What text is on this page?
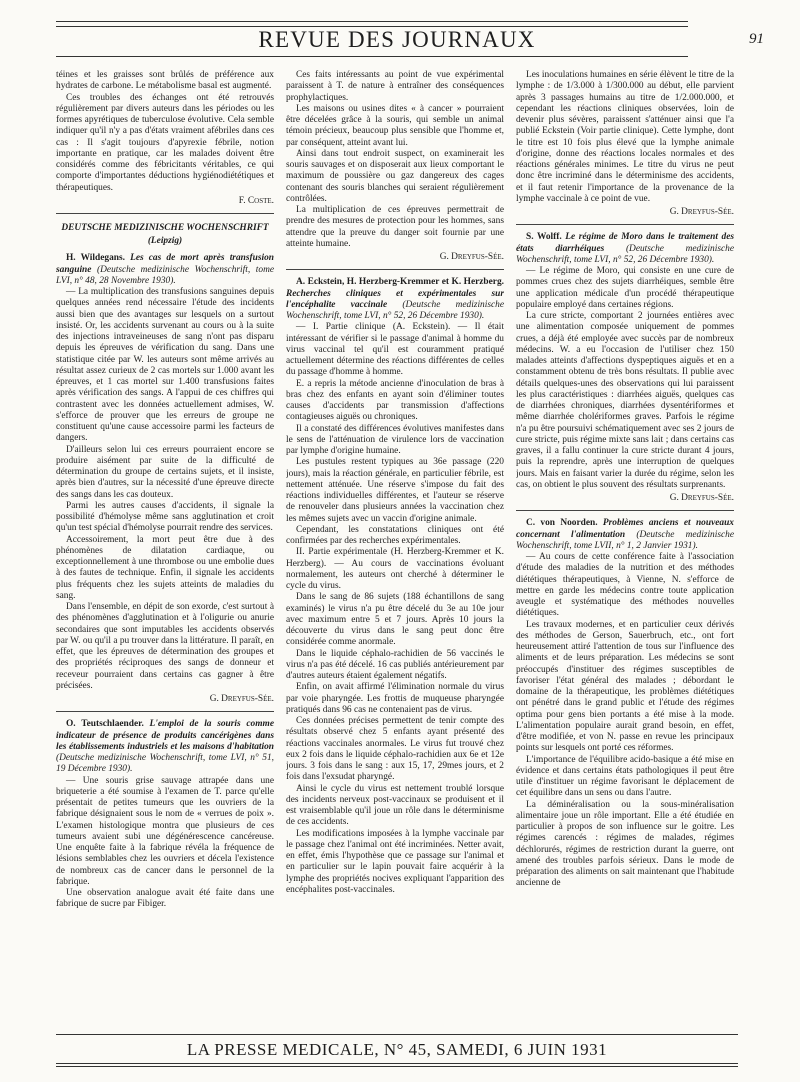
REVUE DES JOURNAUX	91

téines et les graisses sont brûlés de préférence aux hydrates de carbone. Le métabolisme basal est augmenté.

Ces troubles des échanges ont été retrouvés régulièrement par divers auteurs dans les périodes ou les formes apyrétiques de tuberculose évolutive. Cela semble indiquer qu'il n'y a pas d'états vraiment afébriles dans ces cas : Il s'agit toujours d'apyrexie fébrile, notion importante en pratique, car les malades doivent être considérés comme des fébricitants véritables, ce qui comporte d'importantes déductions hygiénodiététiques et thérapeutiques.

F. Coste.
DEUTSCHE MEDIZINISCHE WOCHENSCHRIFT
(Leipzig)

H. Wildegans. Les cas de mort après transfusion sanguine (Deutsche medizinische Wochenschrift, tome LVI, n° 48, 28 Novembre 1930).

— La multiplication des transfusions sanguines depuis quelques années rend nécessaire l'étude des incidents aussi bien que des avantages sur lesquels on a surtout insisté. Or, les accidents survenant au cours ou à la suite des injections intraveineuses de sang n'ont pas disparu depuis les épreuves de vérification du sang. Dans une statistique citée par W. les auteurs sont même arrivés au résultat assez curieux de 2 cas mortels sur 1.000 avant les épreuves, et 1 cas mortel sur 1.400 transfusions faites après vérification des sangs. A l'appui de ces chiffres qui contrastent avec les données actuellement admises, W. s'efforce de prouver que les erreurs de groupe ne constituent qu'une cause accessoire parmi les facteurs de dangers.

D'ailleurs selon lui ces erreurs pourraient encore se produire aisément par suite de la difficulté de détermination du groupe de certains sujets, et il insiste, après bien d'autres, sur la nécessité d'une épreuve directe des sangs dans les cas douteux.

Parmi les autres causes d'accidents, il signale la possibilité d'hémolyse même sans agglutination et croit qu'un test spécial d'hémolyse pourrait rendre des services.

Accessoirement, la mort peut être due à des phénomènes de dilatation cardiaque, ou exceptionnellement à une thrombose ou une embolie dues à des fautes de technique. Enfin, il signale les accidents plus fréquents chez les sujets atteints de maladies du sang.

Dans l'ensemble, en dépit de son exorde, c'est surtout à des phénomènes d'agglutination et à l'oligurie ou anurie secondaires que sont imputables les accidents observés par W. ou qu'il a pu trouver dans la littérature. Il paraît, en effet, que les épreuves de détermination des groupes et des propriétés réciproques des sangs de donneur et receveur pourraient dans certains cas gagner à être précisées.

G. Dreyfus-Sée.

O. Teutschlaender. L'emploi de la souris comme indicateur de présence de produits cancérigènes dans les établissements industriels et les maisons d'habitation (Deutsche medizinische Wochenschrift, tome LVI, n° 51, 19 Décembre 1930).

— Une souris grise sauvage attrapée dans une briqueterie a été soumise à l'examen de T. parce qu'elle présentait de petites tumeurs que les ouvriers de la fabrique désignaient sous le nom de « verrues de poix ». L'examen histologique montra que plusieurs de ces tumeurs avaient subi une dégénérescence cancéreuse. Une enquête faite à la fabrique révéla la fréquence de lésions semblables chez les ouvriers et décela l'existence de nombreux cas de cancer dans le personnel de la fabrique.

Une observation analogue avait été faite dans une fabrique de sucre par Fibiger.

Ces faits intéressants au point de vue expérimental paraissent à T. de nature à entraîner des conséquences prophylactiques.

Les maisons ou usines dites « à cancer » pourraient être décelées grâce à la souris, qui semble un animal témoin précieux, beaucoup plus sensible que l'homme et, par conséquent, atteint avant lui.

Ainsi dans tout endroit suspect, on examinerait les souris sauvages et on disposerait aux lieux comportant le maximum de poussière ou gaz dangereux des cages contenant des souris blanches qui seraient régulièrement contrôlées.

La multiplication de ces épreuves permettrait de prendre des mesures de protection pour les hommes, sans attendre que la preuve du danger soit fournie par une atteinte humaine.

G. Dreyfus-Sée.

A. Eckstein, H. Herzberg-Kremmer et K. Herzberg. Recherches cliniques et expérimentales sur l'encéphalite vaccinale (Deutsche medizinische Wochenschrift, tome LVI, n° 52, 26 Décembre 1930).

— I. Partie clinique (A. Eckstein). — Il était intéressant de vérifier si le passage d'animal à homme du virus vaccinal tel qu'il est couramment pratiqué actuellement détermine des réactions différentes de celles du passage d'homme à homme.

E. a repris la métode ancienne d'inoculation de bras à bras chez des enfants en ayant soin d'éliminer toutes causes d'accidents par transmission d'affections contagieuses aiguës ou chroniques.

Il a constaté des différences évolutives manifestes dans le sens de l'atténuation de virulence lors de vaccination par lymphe d'origine humaine.

Les pustules restent typiques au 36e passage (220 jours), mais la réaction générale, en particulier fébrile, est nettement atténuée. Une réserve s'impose du fait des réactions individuelles différentes, et l'auteur se réserve de renouveler dans plusieurs années la vaccination chez les mêmes sujets avec un vaccin d'origine animale.

Cependant, les constatations cliniques ont été confirmées par des recherches expérimentales.

II. Partie expérimentale (H. Herzberg-Kremmer et K. Herzberg). — Au cours de vaccinations évoluant normalement, les auteurs ont cherché à déterminer le cycle du virus.

Dans le sang de 86 sujets (188 échantillons de sang examinés) le virus n'a pu être décelé du 3e au 10e jour avec maximum entre 5 et 7 jours. Après 10 jours la découverte du virus dans le sang peut donc être considérée comme anormale.

Dans le liquide céphalo-rachidien de 56 vaccinés le virus n'a pas été décelé. 16 cas publiés antérieurement par d'autres auteurs étaient également négatifs.

Enfin, on avait affirmé l'élimination normale du virus par voie pharyngée. Les frottis de muqueuse pharyngée pratiqués dans 96 cas ne contenaient pas de virus.

Ces données précises permettent de tenir compte des résultats observé chez 5 enfants ayant présenté des réactions vaccinales anormales. Le virus fut trouvé chez eux 2 fois dans le liquide céphalo-rachidien aux 6e et 12e jours. 3 fois dans le sang : aux 15, 17, 29mes jours, et 2 fois dans l'exsudat pharyngé.

Ainsi le cycle du virus est nettement troublé lorsque des incidents nerveux post-vaccinaux se produisent et il est vraisemblable qu'il joue un rôle dans le déterminisme de ces accidents.

Les modifications imposées à la lymphe vaccinale par le passage chez l'animal ont été incriminées. Netter avait, en effet, émis l'hypothèse que ce passage sur l'animal et en particulier sur le lapin pouvait faire acquérir à la lymphe des propriétés nocives expliquant l'apparition des encéphalites post-vaccinales.

Les inoculations humaines en série élèvent le titre de la lymphe : de 1/3.000 à 1/300.000 au début, elle parvient après 3 passages humains au titre de 1/2.000.000, et cependant les réactions cliniques observées, loin de devenir plus sévères, paraissent s'atténuer ainsi que l'a publié Eckstein (Voir partie clinique). Cette lymphe, dont le titre est 10 fois plus élevé que la lymphe animale d'origine, donne des réactions locales normales et des réactions générales minimes. Le titre du virus ne peut donc être incriminé dans le déterminisme des accidents, et il faut retenir l'importance de la provenance de la lymphe vaccinale à ce point de vue.

G. Dreyfus-Sée.

S. Wolff. Le régime de Moro dans le traitement des états diarrhéiques (Deutsche medizinische Wochenschrift, tome LVI, n° 52, 26 Décembre 1930).

— Le régime de Moro, qui consiste en une cure de pommes crues chez des sujets diarrhéiques, semble être une application médicale d'un procédé thérapeutique populaire employé dans certaines régions.

La cure stricte, comportant 2 journées entières avec une alimentation composée uniquement de pommes crues, a déjà été employée avec succès par de nombreux médecins. W. a eu l'occasion de l'utiliser chez 150 malades atteints d'affections dyspeptiques aiguës et en a constamment obtenu de très bons résultats. Il publie avec détails quelques-unes des observations qui lui paraissent les plus caractéristiques : diarrhées aiguës, quelques cas de diarrhées chroniques, diarrhées dysentériformes et même diarrhée cholériformes graves. Parfois le régime n'a pu être poursuivi schématiquement avec ses 2 jours de cure stricte, puis régime mixte sans lait ; dans certains cas graves, il a fallu continuer la cure stricte durant 4 jours, puis la reprendre, après une interruption de quelques jours. Mais en faisant varier la durée du régime, selon les cas, on obtient le plus souvent des résultats surprenants.

G. Dreyfus-Sée.

C. von Noorden. Problèmes anciens et nouveaux concernant l'alimentation (Deutsche medizinische Wochenschrift, tome LVII, n° 1, 2 Janvier 1931).

— Au cours de cette conférence faite à l'association d'étude des maladies de la nutrition et des méthodes diététiques thérapeutiques, à Vienne, N. s'efforce de mettre en garde les médecins contre toute application aveugle et systématique des méthodes nouvelles diététiques.

Les travaux modernes, et en particulier ceux dérivés des méthodes de Gerson, Sauerbruch, etc., ont fort heureusement attiré l'attention de tous sur l'influence des aliments et de leurs préparation. Les médecins se sont préoccupés d'instituer des régimes susceptibles de favoriser l'état général des malades ; débordant le domaine de la thérapeutique, les problèmes diététiques ont pénétré dans le grand public et l'étude des régimes optima pour gens bien portants a été mise à la mode. L'alimentation populaire aurait grand besoin, en effet, d'être modifiée, et von N. passe en revue les principaux points sur lesquels ont porté ces réformes.

L'importance de l'équilibre acido-basique a été mise en évidence et dans certains états pathologiques il peut être utile d'instituer un régime favorisant le déplacement de cet équilibre dans un sens ou dans l'autre.

La déminéralisation ou la sous-minéralisation alimentaire joue un rôle important. Elle a été étudiée en particulier à propos de son influence sur le goitre. Les régimes carencés : régimes de malades, régimes déchlorurés, régimes de restriction durant la guerre, ont amené des troubles parfois sérieux. Dans le mode de préparation des aliments on sait maintenant que l'habitude ancienne de

LA PRESSE MEDICALE, N° 45, SAMEDI, 6 JUIN 1931
